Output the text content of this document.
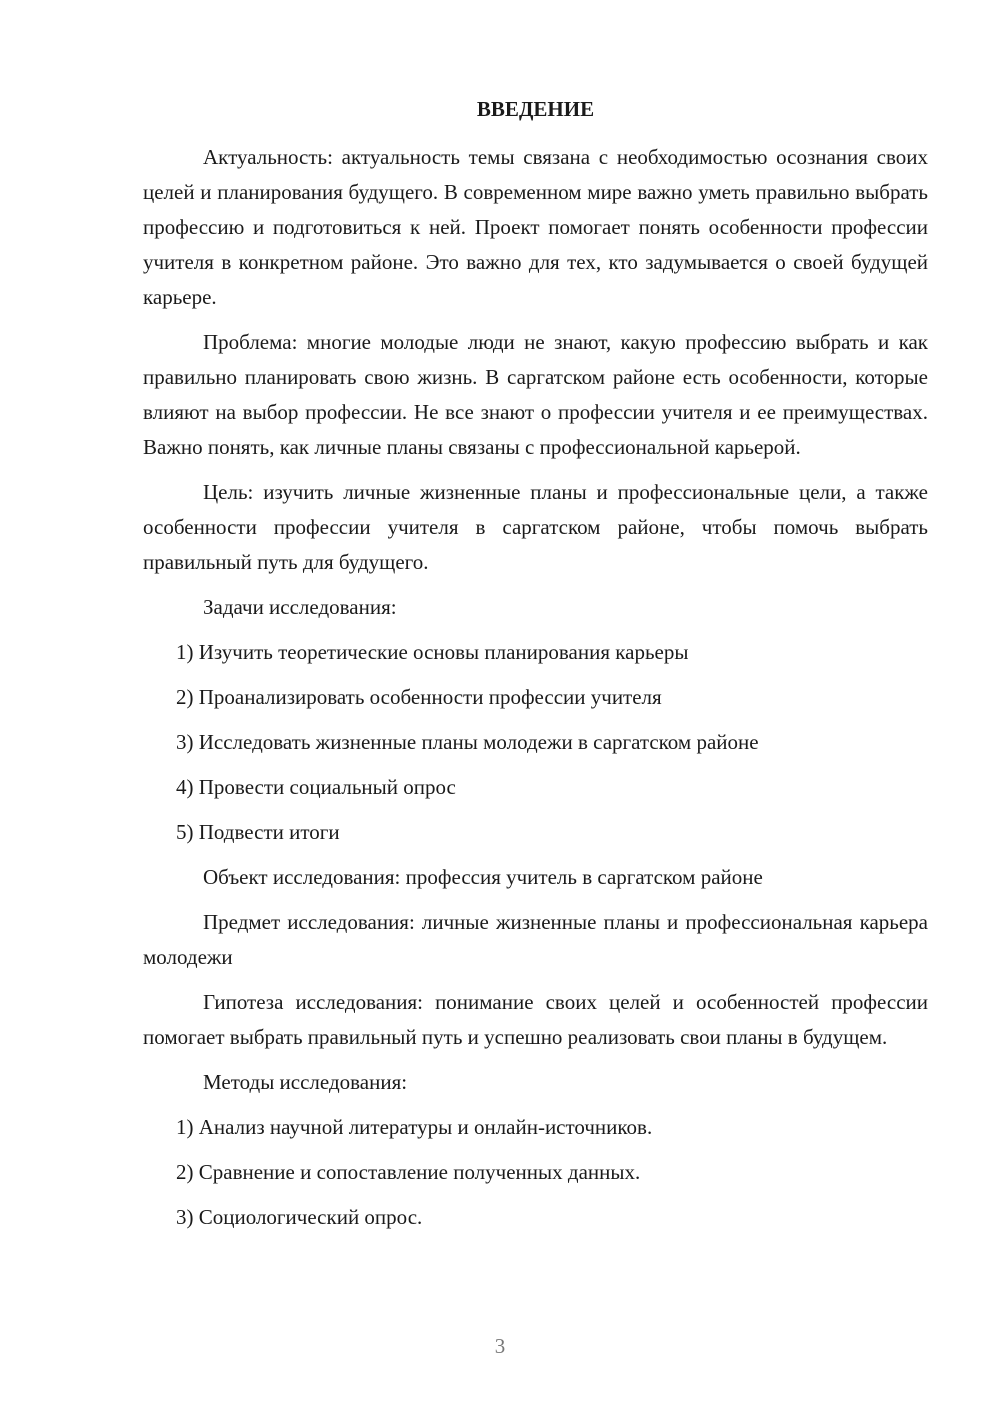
ВВЕДЕНИЕ

Актуальность: актуальность темы связана с необходимостью осознания своих целей и планирования будущего. В современном мире важно уметь правильно выбрать профессию и подготовиться к ней. Проект помогает понять особенности профессии учителя в конкретном районе. Это важно для тех, кто задумывается о своей будущей карьере.

Проблема: многие молодые люди не знают, какую профессию выбрать и как правильно планировать свою жизнь. В саргатском районе есть особенности, которые влияют на выбор профессии. Не все знают о профессии учителя и ее преимуществах. Важно понять, как личные планы связаны с профессиональной карьерой.

Цель: изучить личные жизненные планы и профессиональные цели, а также особенности профессии учителя в саргатском районе, чтобы помочь выбрать правильный путь для будущего.

Задачи исследования:

1) Изучить теоретические основы планирования карьеры
2) Проанализировать особенности профессии учителя
3) Исследовать жизненные планы молодежи в саргатском районе
4) Провести социальный опрос
5) Подвести итоги

Объект исследования: профессия учитель в саргатском районе

Предмет исследования: личные жизненные планы и профессиональная карьера молодежи

Гипотеза исследования: понимание своих целей и особенностей профессии помогает выбрать правильный путь и успешно реализовать свои планы в будущем.

Методы исследования:

1) Анализ научной литературы и онлайн-источников.
2) Сравнение и сопоставление полученных данных.
3) Социологический опрос.
3
